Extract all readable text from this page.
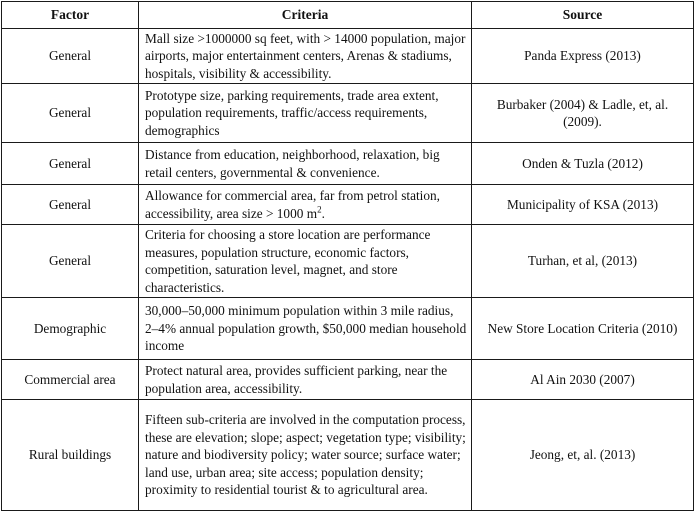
Factor	Criteria	Source
General	Mall size >1000000 sq feet, with > 14000 population, major airports, major entertainment centers, Arenas & stadiums, hospitals, visibility & accessibility.	Panda Express (2013)
General	Prototype size, parking requirements, trade area extent, population requirements, traffic/access requirements, demographics	Burbaker (2004) & Ladle, et, al. (2009).
General	Distance from education, neighborhood, relaxation, big retail centers, governmental & convenience.	Onden & Tuzla (2012)
General	Allowance for commercial area, far from petrol station, accessibility, area size > 1000 $m^2$.	Municipality of KSA (2013)
General	Criteria for choosing a store location are performance measures, population structure, economic factors, competition, saturation level, magnet, and store characteristics.	Turhan, et al, (2013)
Demographic	30,000–50,000 minimum population within 3 mile radius, 2–4% annual population growth, $50,000 median household income	New Store Location Criteria (2010)
Commercial area	Protect natural area, provides sufficient parking, near the population area, accessibility.	Al Ain 2030 (2007)
Rural buildings	Fifteen sub-criteria are involved in the computation process, these are elevation; slope; aspect; vegetation type; visibility; nature and biodiversity policy; water source; surface water; land use, urban area; site access; population density; proximity to residential tourist & to agricultural area.	Jeong, et, al. (2013)
